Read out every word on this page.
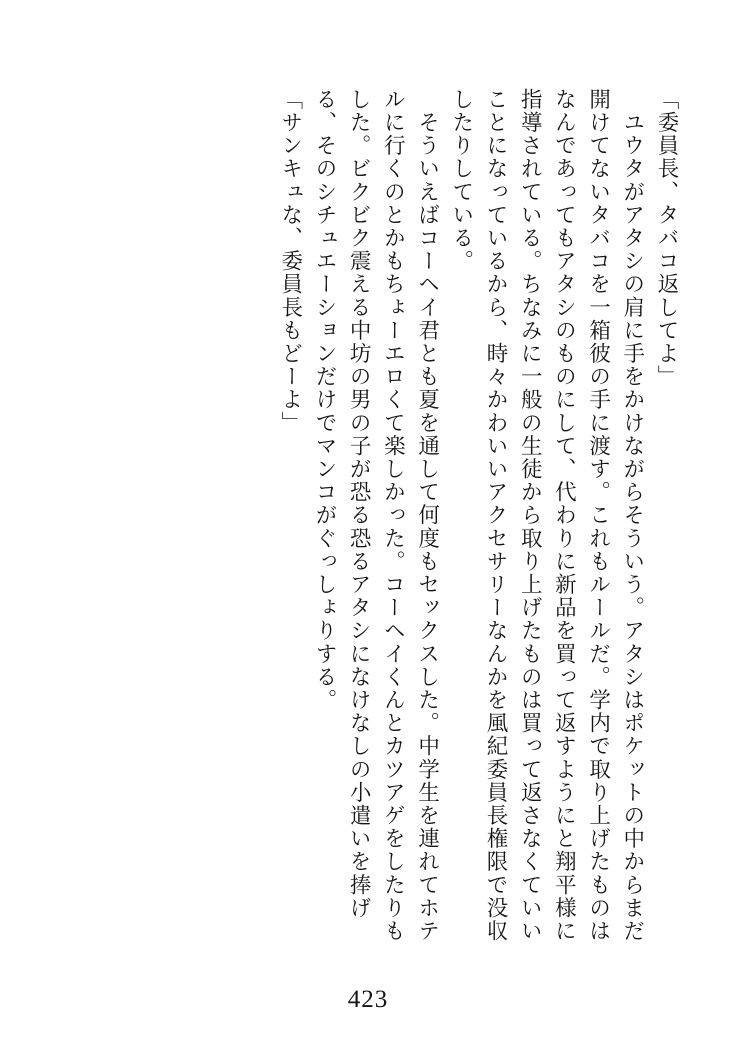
「委員長、タバコ返してよ」

　ユウタがアタシの肩に手をかけながらそういう。アタシはポケットの中からまだ開けてないタバコを一箱彼の手に渡す。これもルールだ。学内で取り上げたものはなんであってもアタシのものにして、代わりに新品を買って返すようにと翔平様に指導されている。ちなみに一般の生徒から取り上げたものは買って返さなくていいことになっているから、時々かわいいアクセサリーなんかを風紀委員長権限で没収したりしている。

　そういえばコーヘイ君とも夏を通して何度もセックスした。中学生を連れてホテルに行くのとかもちょーエロくて楽しかった。コーヘイくんとカツアゲをしたりもした。ビクビク震える中坊の男の子が恐る恐るアタシになけなしの小遣いを捧げる、そのシチュエーションだけでマンコがぐっしょりする。

「サンキュな、委員長もどーよ」

423
